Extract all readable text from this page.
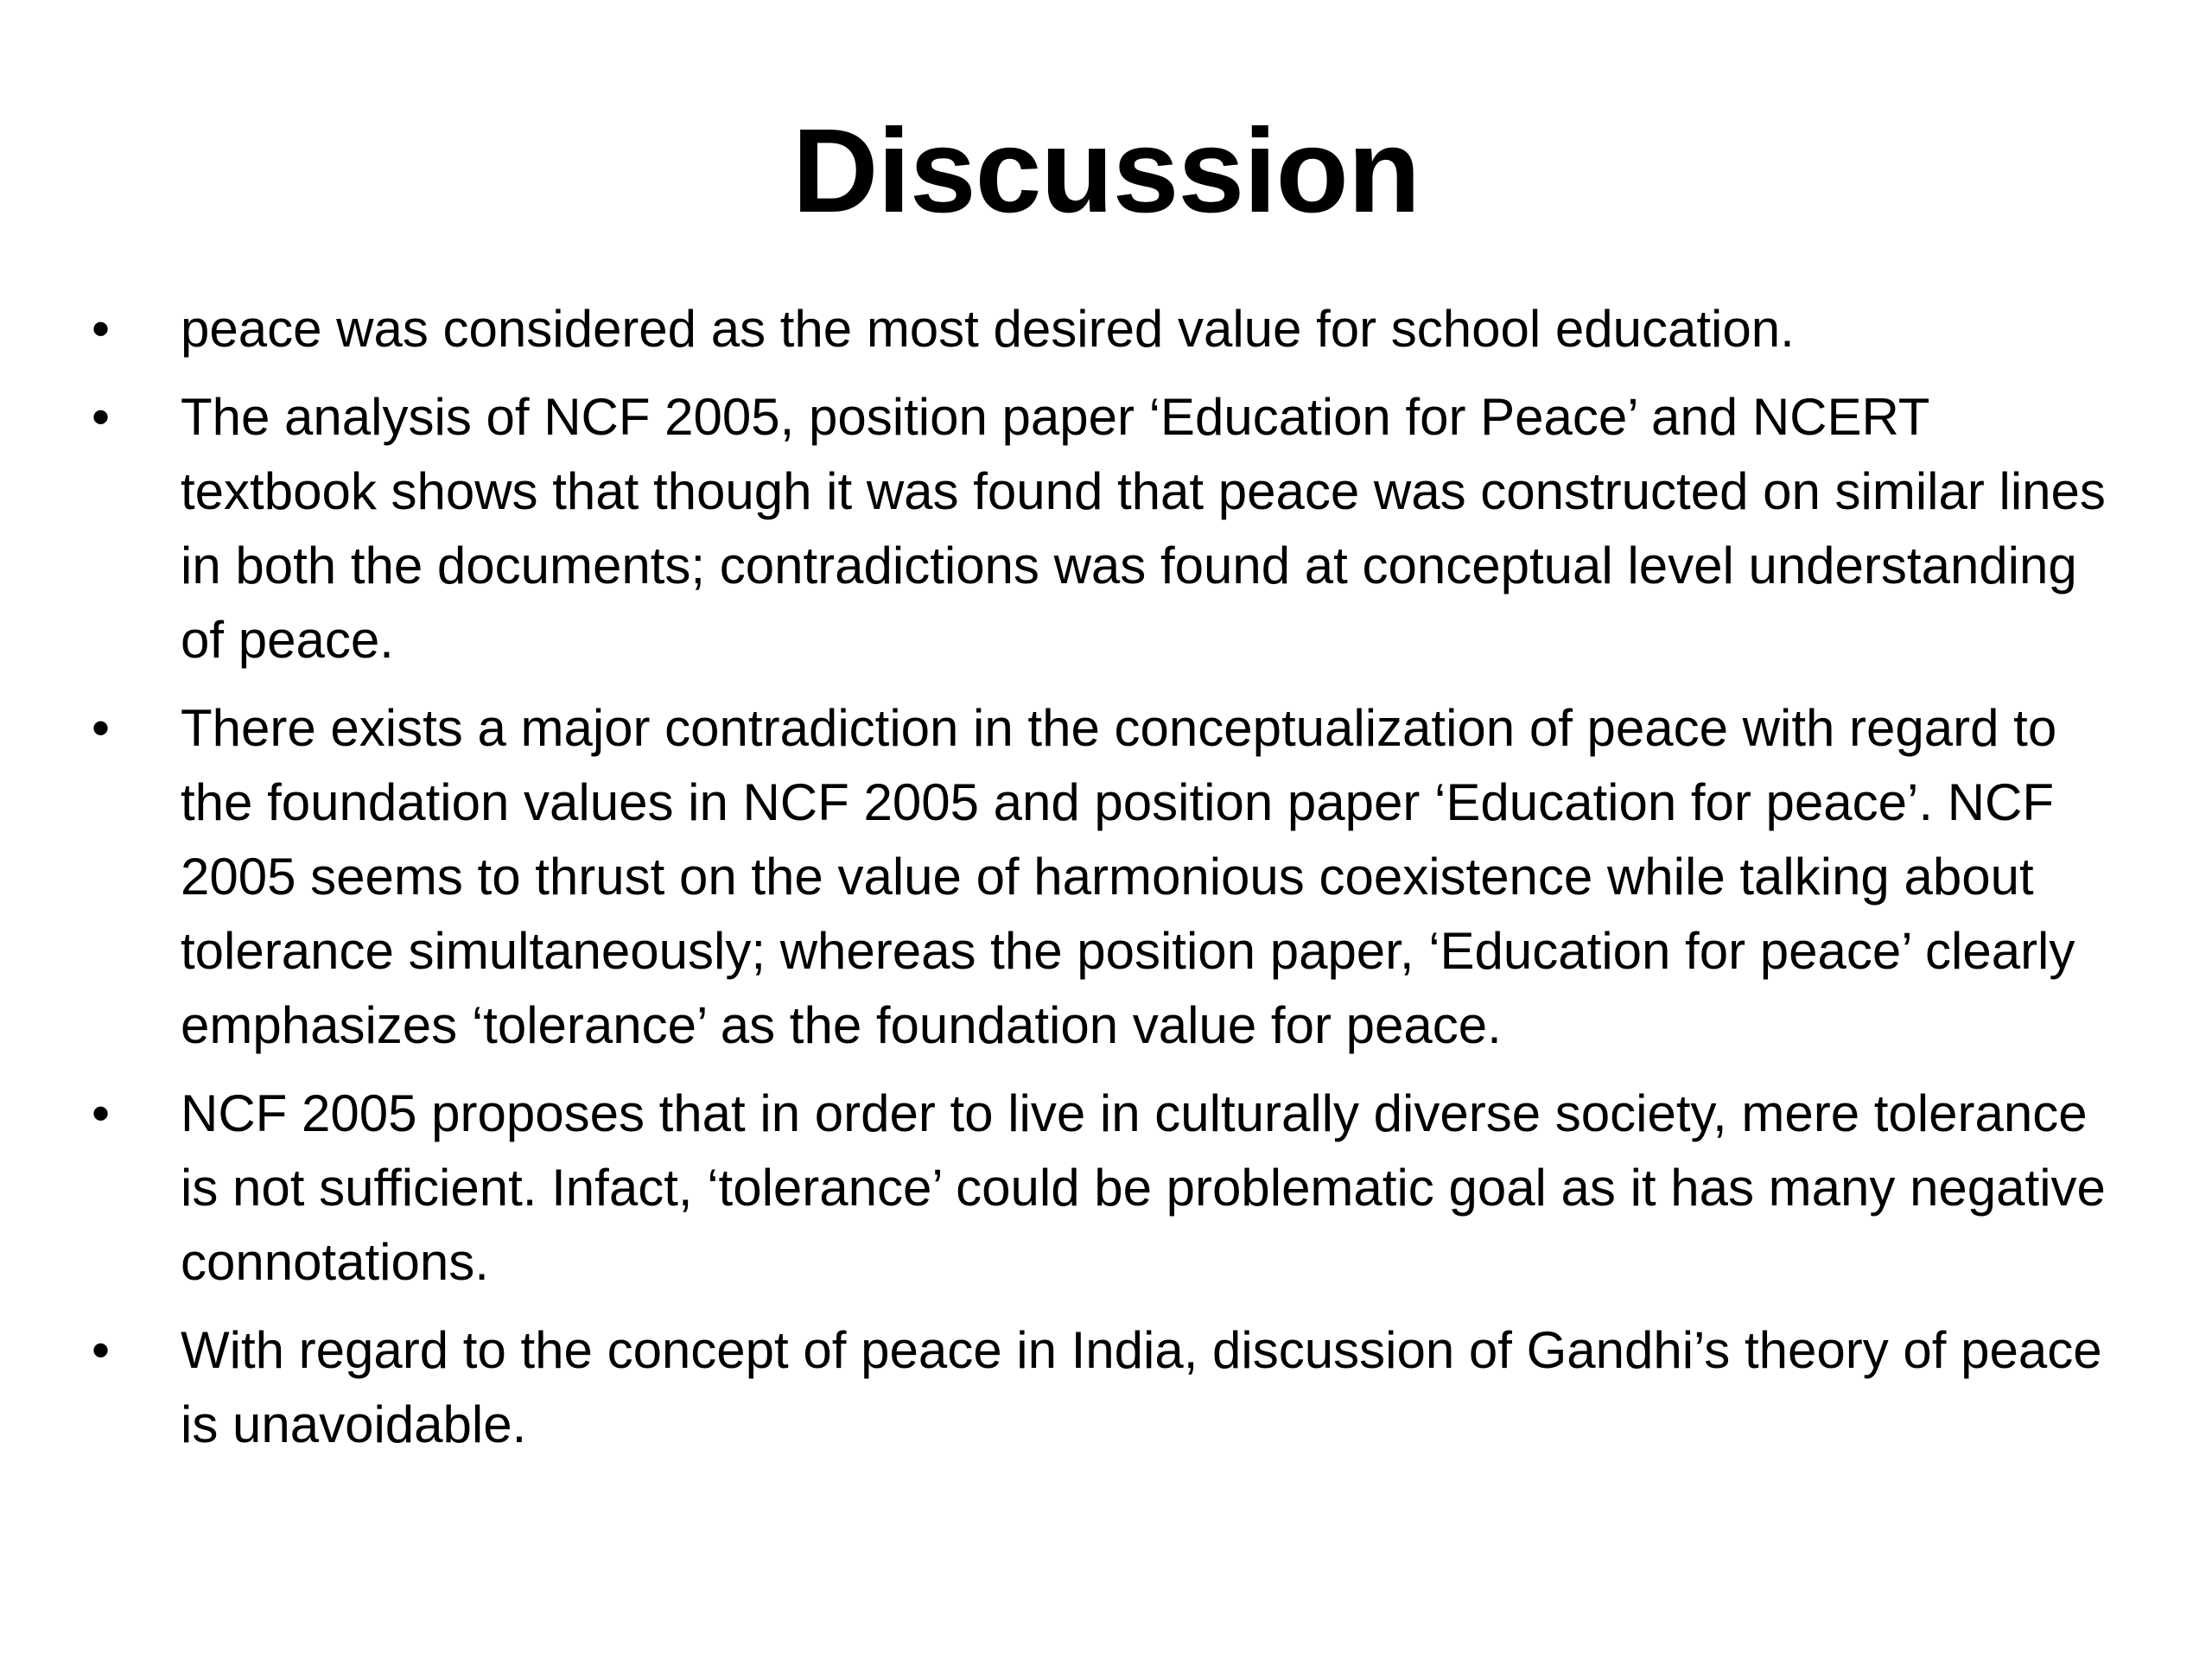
Discussion
•	peace was considered as the most desired value for school education.
•	The analysis of NCF 2005, position paper ‘Education for Peace’ and NCERT textbook shows that though it was found that peace was constructed on similar lines in both the documents; contradictions was found at conceptual level understanding of peace.
•	There exists a major contradiction in the conceptualization of peace with regard to the foundation values in NCF 2005 and position paper ‘Education for peace’. NCF 2005 seems to thrust on the value of harmonious coexistence while talking about tolerance simultaneously; whereas the position paper, ‘Education for peace’ clearly emphasizes ‘tolerance’ as the foundation value for peace.
•	NCF 2005 proposes that in order to live in culturally diverse society, mere tolerance is not sufficient. Infact, ‘tolerance’ could be problematic goal as it has many negative connotations.
•	With regard to the concept of peace in India, discussion of Gandhi’s theory of peace is unavoidable.
